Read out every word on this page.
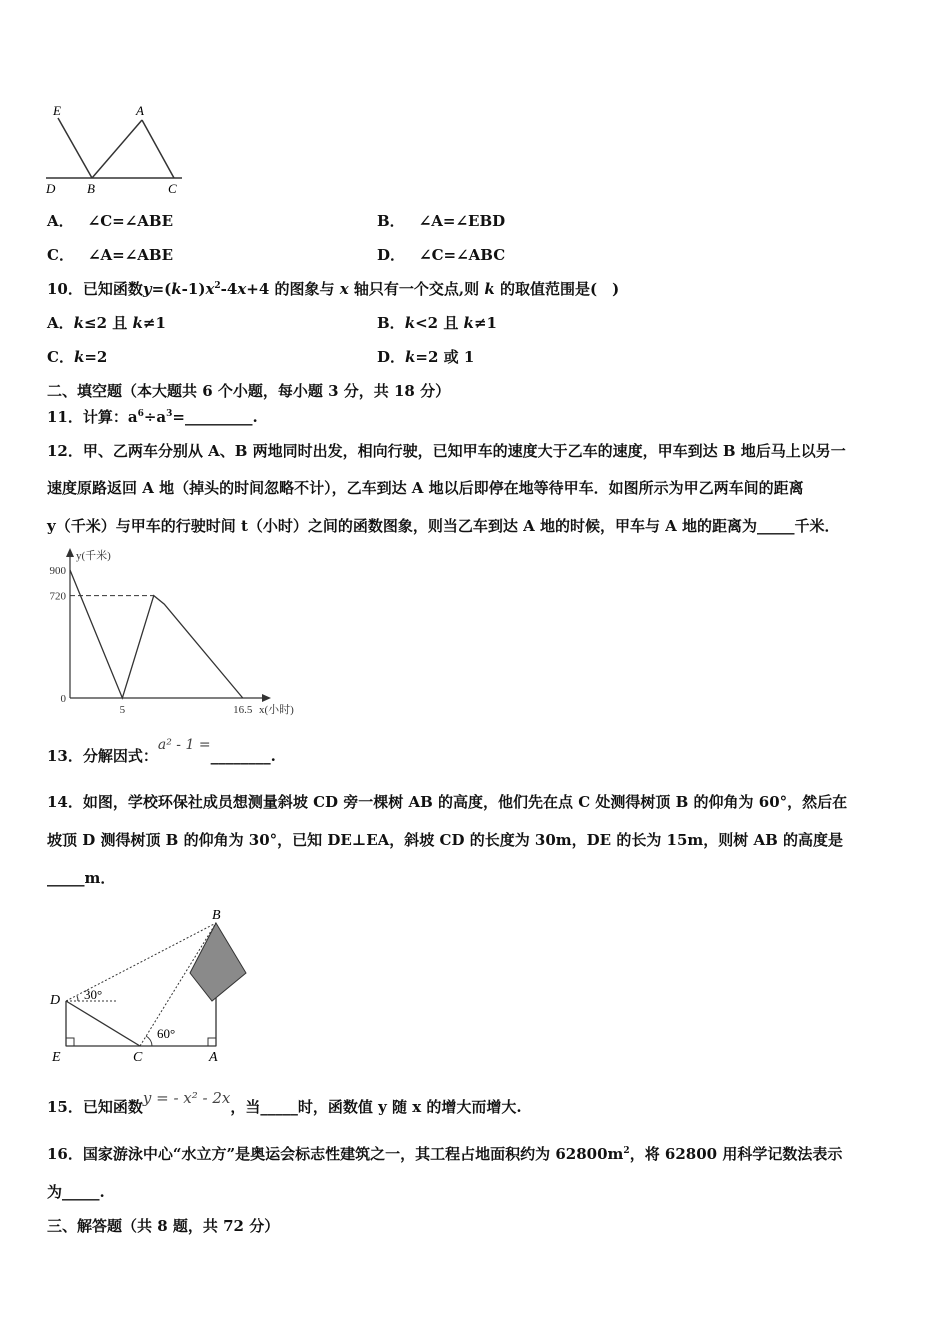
E	A
D B	C
A． ∠C=∠ABE	B． ∠A=∠EBD
C． ∠A=∠ABE	D． ∠C=∠ABC
10．已知函数$y=(k-1)x^2-4x+4$ 的图象与 x 轴只有一个交点,则 k 的取值范围是(　)
A．k≤2 且 k≠1	B．k<2 且 k≠1
C．k=2	D．k=2 或 1
二、填空题（本大题共 6 个小题，每小题 3 分，共 18 分）
11．计算：$a^6\div a^3=\_\_\_\_\_\_\_\_\_$.
12．甲、乙两车分别从 A、B 两地同时出发，相向行驶，已知甲车的速度大于乙车的速度，甲车到达 B 地后马上以另一
速度原路返回 A 地（掉头的时间忽略不计），乙车到达 A 地以后即停在地等待甲车．如图所示为甲乙两车间的距离
y（千米）与甲车的行驶时间 t（小时）之间的函数图象，则当乙车到达 A 地的时候，甲车与 A 地的距离为_____千米．
y(千米)
x(小时)
900
720
0
5	16.5
13．分解因式：a² - 1 =________.
14．如图，学校环保社成员想测量斜坡 CD 旁一棵树 AB 的高度，他们先在点 C 处测得树顶 B 的仰角为 60°，然后在
坡顶 D 测得树顶 B 的仰角为 30°，已知 DE⊥EA，斜坡 CD 的长度为 30m，DE 的长为 15m，则树 AB 的高度是
_____m．
B
D
E	C	A
30°
60°
15．已知函数y = - x² - 2x，当_____时，函数值 y 随 x 的增大而增大.
16．国家游泳中心“水立方”是奥运会标志性建筑之一，其工程占地面积约为 $62800m^2$，将 62800 用科学记数法表示
为_____.
三、解答题（共 8 题，共 72 分）
